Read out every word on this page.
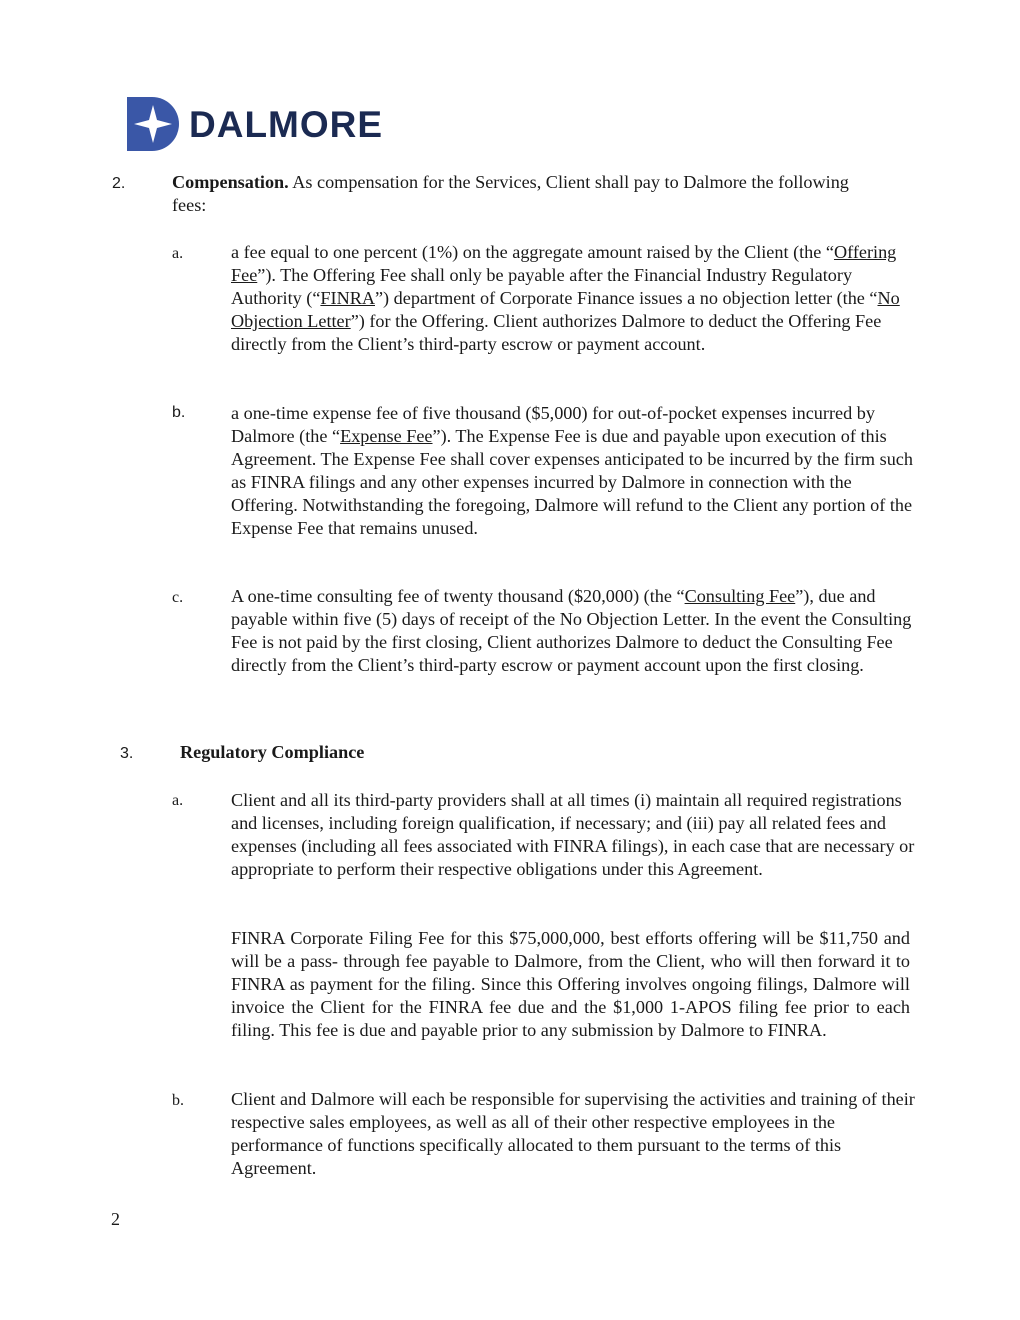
DALMORE
2.	Compensation. As compensation for the Services, Client shall pay to Dalmore the following
fees:
a.	a fee equal to one percent (1%) on the aggregate amount raised by the Client (the “Offering Fee”). The Offering Fee shall only be payable after the Financial Industry Regulatory Authority (“FINRA”) department of Corporate Finance issues a no objection letter (the “No Objection Letter”) for the Offering. Client authorizes Dalmore to deduct the Offering Fee directly from the Client’s third-party escrow or payment account.

b.	a one-time expense fee of five thousand ($5,000) for out-of-pocket expenses incurred by Dalmore (the “Expense Fee”). The Expense Fee is due and payable upon execution of this Agreement. The Expense Fee shall cover expenses anticipated to be incurred by the firm such as FINRA filings and any other expenses incurred by Dalmore in connection with the Offering. Notwithstanding the foregoing, Dalmore will refund to the Client any portion of the Expense Fee that remains unused.

c.	A one-time consulting fee of twenty thousand ($20,000) (the “Consulting Fee”), due and payable within five (5) days of receipt of the No Objection Letter. In the event the Consulting Fee is not paid by the first closing, Client authorizes Dalmore to deduct the Consulting Fee directly from the Client’s third-party escrow or payment account upon the first closing.

3.	Regulatory Compliance
a.	Client and all its third-party providers shall at all times (i) maintain all required registrations and licenses, including foreign qualification, if necessary; and (iii) pay all related fees and expenses (including all fees associated with FINRA filings), in each case that are necessary or appropriate to perform their respective obligations under this Agreement.

FINRA Corporate Filing Fee for this $75,000,000, best efforts offering will be $11,750 and will be a pass- through fee payable to Dalmore, from the Client, who will then forward it to FINRA as payment for the filing. Since this Offering involves ongoing filings, Dalmore will invoice the Client for the FINRA fee due and the $1,000 1-APOS filing fee prior to each filing. This fee is due and payable prior to any submission by Dalmore to FINRA.

b.	Client and Dalmore will each be responsible for supervising the activities and training of their respective sales employees, as well as all of their other respective employees in the performance of functions specifically allocated to them pursuant to the terms of this Agreement.

2
